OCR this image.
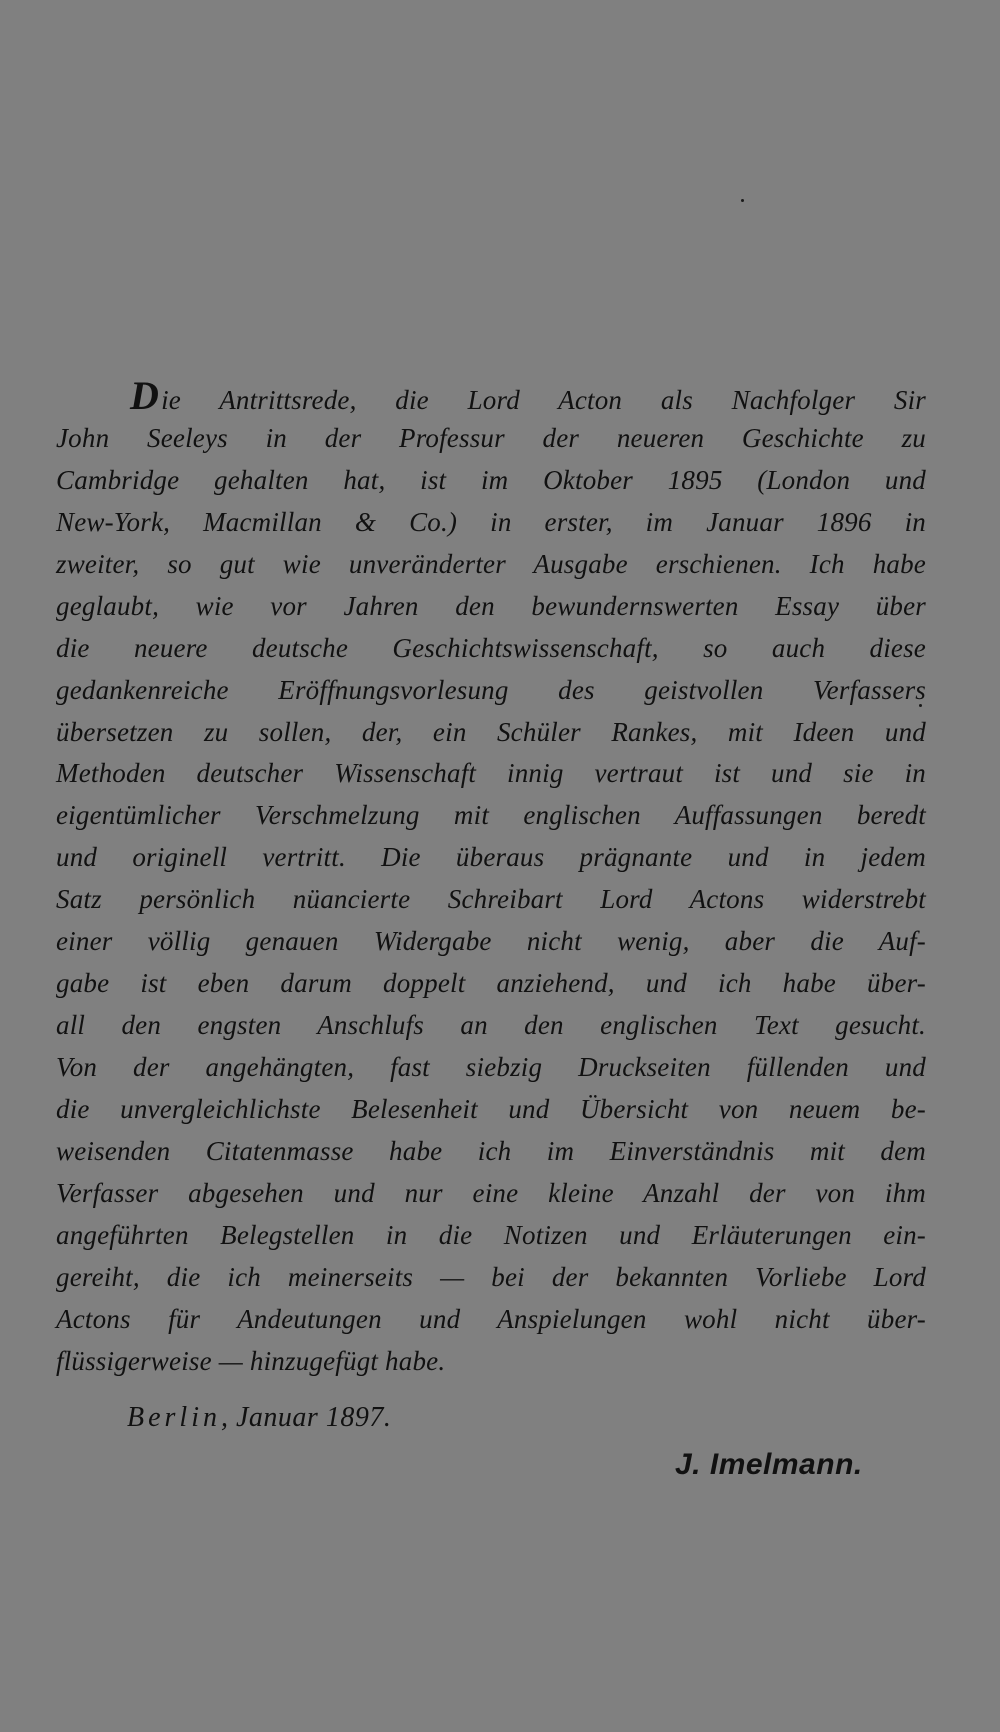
Die Antrittsrede, die Lord Acton als Nachfolger Sir
John Seeleys in der Professur der neueren Geschichte zu
Cambridge gehalten hat, ist im Oktober 1895 (London und
New-York, Macmillan & Co.) in erster, im Januar 1896 in
zweiter, so gut wie unveränderter Ausgabe erschienen. Ich habe
geglaubt, wie vor Jahren den bewundernswerten Essay über
die neuere deutsche Geschichtswissenschaft, so auch diese
gedankenreiche Eröffnungsvorlesung des geistvollen Verfassers
übersetzen zu sollen, der, ein Schüler Rankes, mit Ideen und
Methoden deutscher Wissenschaft innig vertraut ist und sie in
eigentümlicher Verschmelzung mit englischen Auffassungen beredt
und originell vertritt. Die überaus prägnante und in jedem
Satz persönlich nüancierte Schreibart Lord Actons widerstrebt
einer völlig genauen Widergabe nicht wenig, aber die Auf-
gabe ist eben darum doppelt anziehend, und ich habe über-
all den engsten Anschlufs an den englischen Text gesucht.
Von der angehängten, fast siebzig Druckseiten füllenden und
die unvergleichlichste Belesenheit und Übersicht von neuem be-
weisenden Citatenmasse habe ich im Einverständnis mit dem
Verfasser abgesehen und nur eine kleine Anzahl der von ihm
angeführten Belegstellen in die Notizen und Erläuterungen ein-
gereiht, die ich meinerseits — bei der bekannten Vorliebe Lord
Actons für Andeutungen und Anspielungen wohl nicht über-
flüssigerweise — hinzugefügt habe.
Berlin, Januar 1897.
J. Imelmann.
